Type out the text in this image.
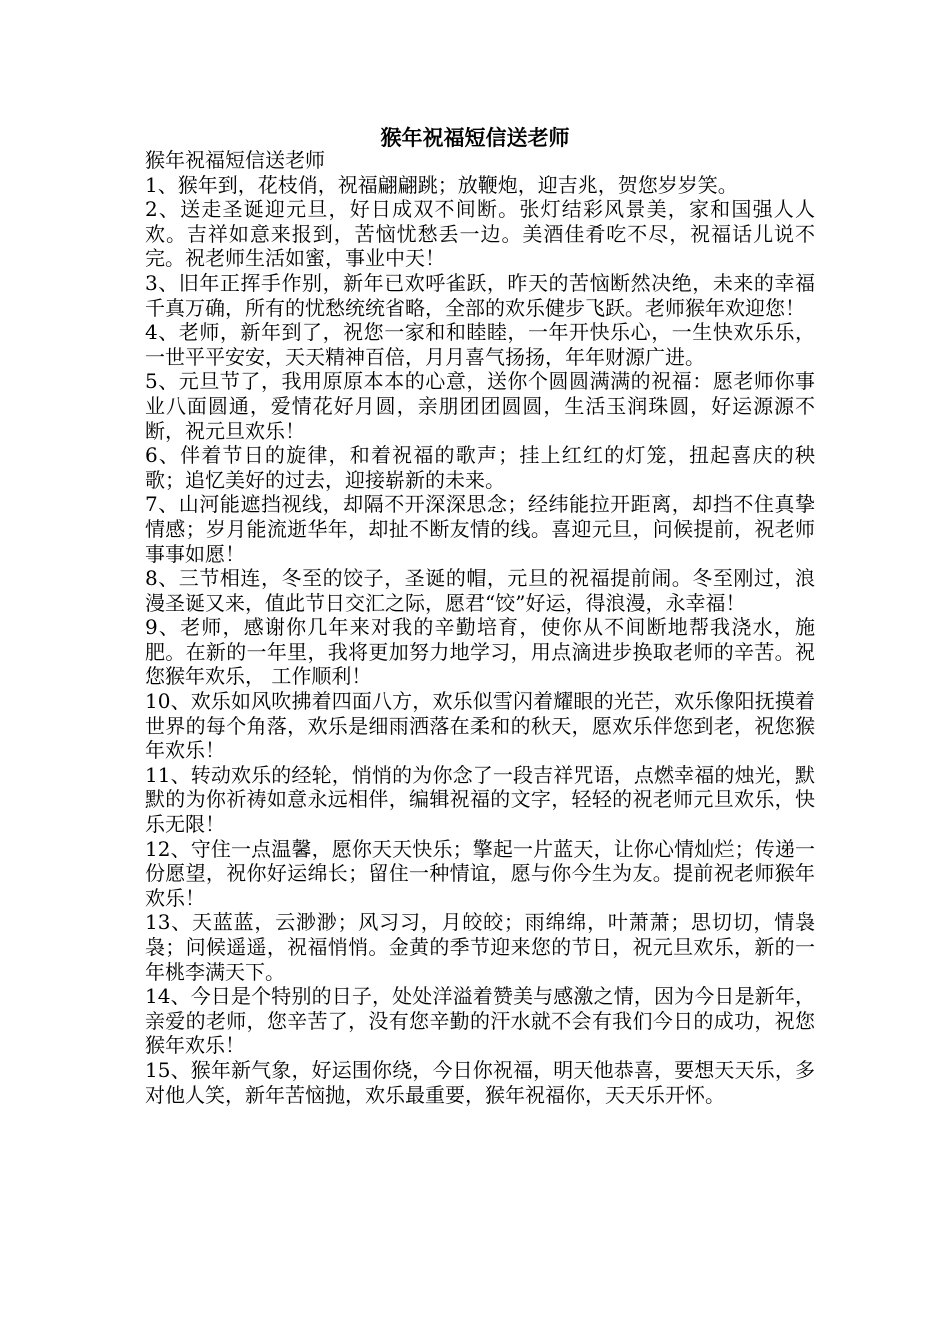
猴年祝福短信送老师

猴年祝福短信送老师

1、猴年到，花枝俏，祝福翩翩跳；放鞭炮，迎吉兆，贺您岁岁笑。

2、送走圣诞迎元旦，好日成双不间断。张灯结彩风景美，家和国强人人欢。吉祥如意来报到，苦恼忧愁丢一边。美酒佳肴吃不尽，祝福话儿说不完。祝老师生活如蜜，事业中天！

3、旧年正挥手作别，新年已欢呼雀跃，昨天的苦恼断然决绝，未来的幸福千真万确，所有的忧愁统统省略，全部的欢乐健步飞跃。老师猴年欢迎您！

4、老师，新年到了，祝您一家和和睦睦，一年开快乐心，一生快欢乐乐，一世平平安安，天天精神百倍，月月喜气扬扬，年年财源广进。

5、元旦节了，我用原原本本的心意，送你个圆圆满满的祝福：愿老师你事业八面圆通，爱情花好月圆，亲朋团团圆圆，生活玉润珠圆，好运源源不断，祝元旦欢乐！

6、伴着节日的旋律，和着祝福的歌声；挂上红红的灯笼，扭起喜庆的秧歌；追忆美好的过去，迎接崭新的未来。

7、山河能遮挡视线，却隔不开深深思念；经纬能拉开距离，却挡不住真挚情感；岁月能流逝华年，却扯不断友情的线。喜迎元旦，问候提前，祝老师事事如愿！

8、三节相连，冬至的饺子，圣诞的帽，元旦的祝福提前闹。冬至刚过，浪漫圣诞又来，值此节日交汇之际，愿君“饺”好运，得浪漫，永幸福！

9、老师，感谢你几年来对我的辛勤培育，使你从不间断地帮我浇水，施肥。在新的一年里，我将更加努力地学习，用点滴进步换取老师的辛苦。祝您猴年欢乐， 工作顺利！

10、欢乐如风吹拂着四面八方，欢乐似雪闪着耀眼的光芒，欢乐像阳抚摸着世界的每个角落，欢乐是细雨洒落在柔和的秋天，愿欢乐伴您到老，祝您猴年欢乐！

11、转动欢乐的经轮，悄悄的为你念了一段吉祥咒语，点燃幸福的烛光，默默的为你祈祷如意永远相伴，编辑祝福的文字，轻轻的祝老师元旦欢乐，快乐无限！

12、守住一点温馨，愿你天天快乐；擎起一片蓝天，让你心情灿烂；传递一份愿望，祝你好运绵长；留住一种情谊，愿与你今生为友。提前祝老师猴年欢乐！

13、天蓝蓝，云渺渺；风习习，月皎皎；雨绵绵，叶萧萧；思切切，情袅袅；问候遥遥，祝福悄悄。金黄的季节迎来您的节日，祝元旦欢乐，新的一年桃李满天下。

14、今日是个特别的日子，处处洋溢着赞美与感激之情，因为今日是新年，亲爱的老师，您辛苦了，没有您辛勤的汗水就不会有我们今日的成功，祝您猴年欢乐！

15、猴年新气象，好运围你绕，今日你祝福，明天他恭喜，要想天天乐，多对他人笑，新年苦恼抛，欢乐最重要，猴年祝福你，天天乐开怀。
